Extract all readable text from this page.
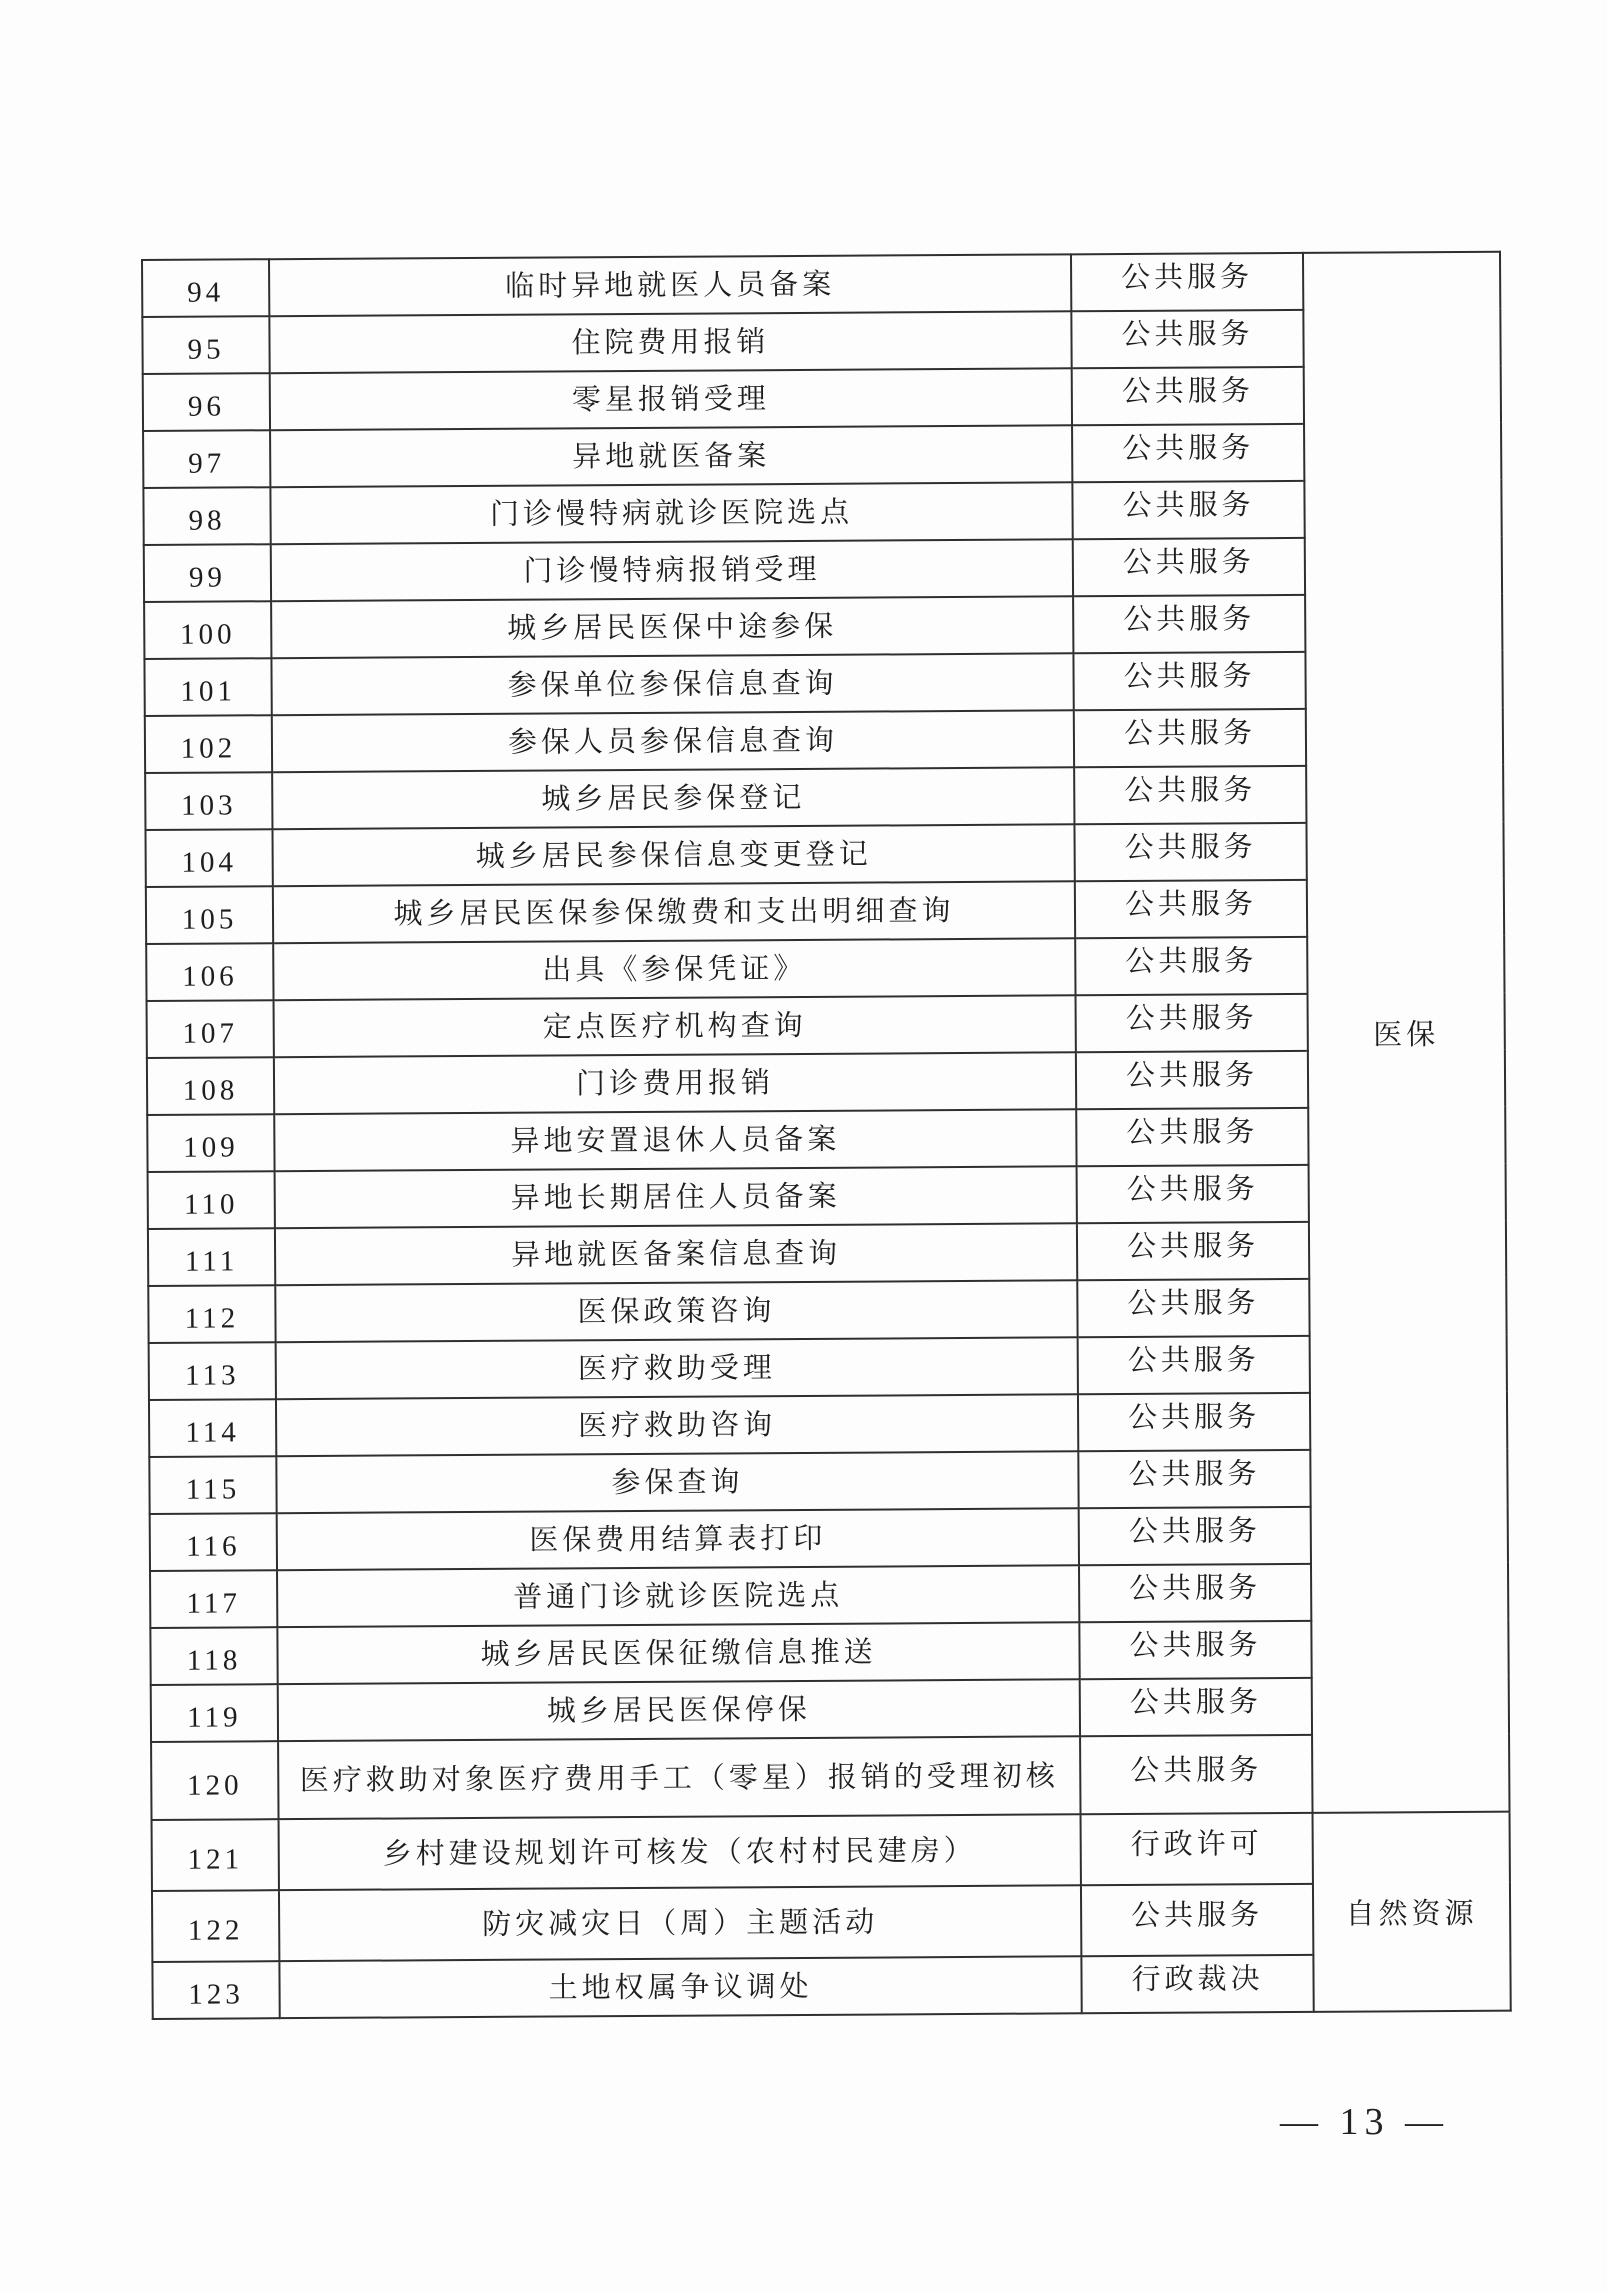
94	临时异地就医人员备案	公共服务	医保
95	住院费用报销	公共服务	
96	零星报销受理	公共服务	
97	异地就医备案	公共服务	
98	门诊慢特病就诊医院选点	公共服务	
99	门诊慢特病报销受理	公共服务	
100	城乡居民医保中途参保	公共服务	
101	参保单位参保信息查询	公共服务	
102	参保人员参保信息查询	公共服务	
103	城乡居民参保登记	公共服务	
104	城乡居民参保信息变更登记	公共服务	
105	城乡居民医保参保缴费和支出明细查询	公共服务	
106	出具《参保凭证》	公共服务	
107	定点医疗机构查询	公共服务	
108	门诊费用报销	公共服务	
109	异地安置退休人员备案	公共服务	
110	异地长期居住人员备案	公共服务	
111	异地就医备案信息查询	公共服务	
112	医保政策咨询	公共服务	
113	医疗救助受理	公共服务	
114	医疗救助咨询	公共服务	
115	参保查询	公共服务	
116	医保费用结算表打印	公共服务	
117	普通门诊就诊医院选点	公共服务	
118	城乡居民医保征缴信息推送	公共服务	
119	城乡居民医保停保	公共服务	
120	医疗救助对象医疗费用手工（零星）报销的受理初核	公共服务	
121	乡村建设规划许可核发（农村村民建房）	行政许可	自然资源
122	防灾减灾日（周）主题活动	公共服务	
123	土地权属争议调处	行政裁决	
— 13 —
